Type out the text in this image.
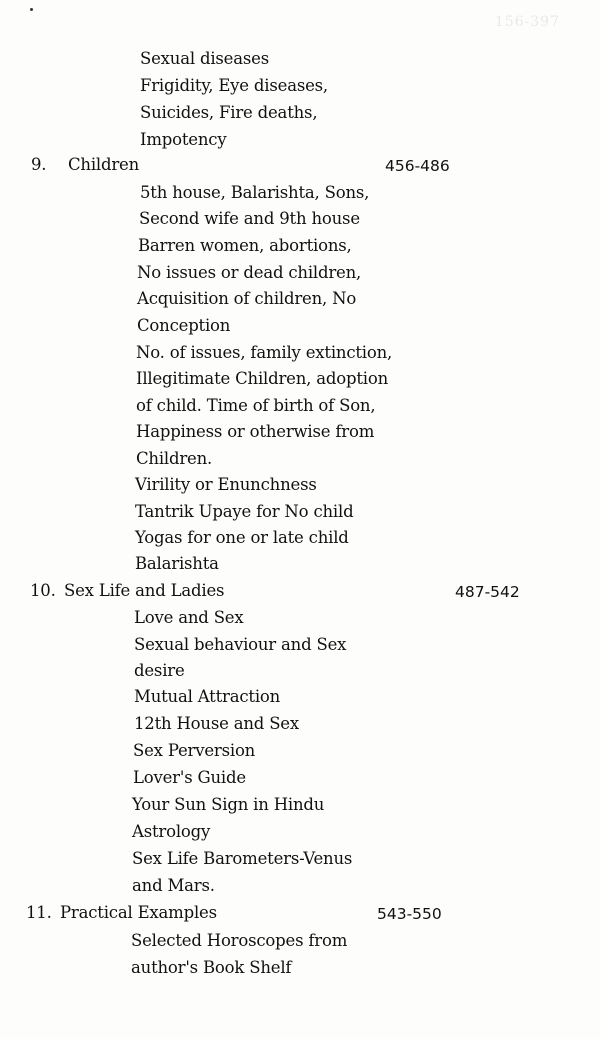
156-397
Sexual diseases
Frigidity, Eye diseases,
Suicides, Fire deaths,
Impotency
9. Children	456-486
5th house, Balarishta, Sons,
Second wife and 9th house
Barren women, abortions,
No issues or dead children,
Acquisition of children, No
Conception
No. of issues, family extinction,
Illegitimate Children, adoption
of child. Time of birth of Son,
Happiness or otherwise from
Children.
Virility or Enunchness
Tantrik Upaye for No child
Yogas for one or late child
Balarishta
10. Sex Life and Ladies	487-542
Love and Sex
Sexual behaviour and Sex
desire
Mutual Attraction
12th House and Sex
Sex Perversion
Lover's Guide
Your Sun Sign in Hindu
Astrology
Sex Life Barometers-Venus
and Mars.
11. Practical Examples	543-550
Selected Horoscopes from
author's Book Shelf
